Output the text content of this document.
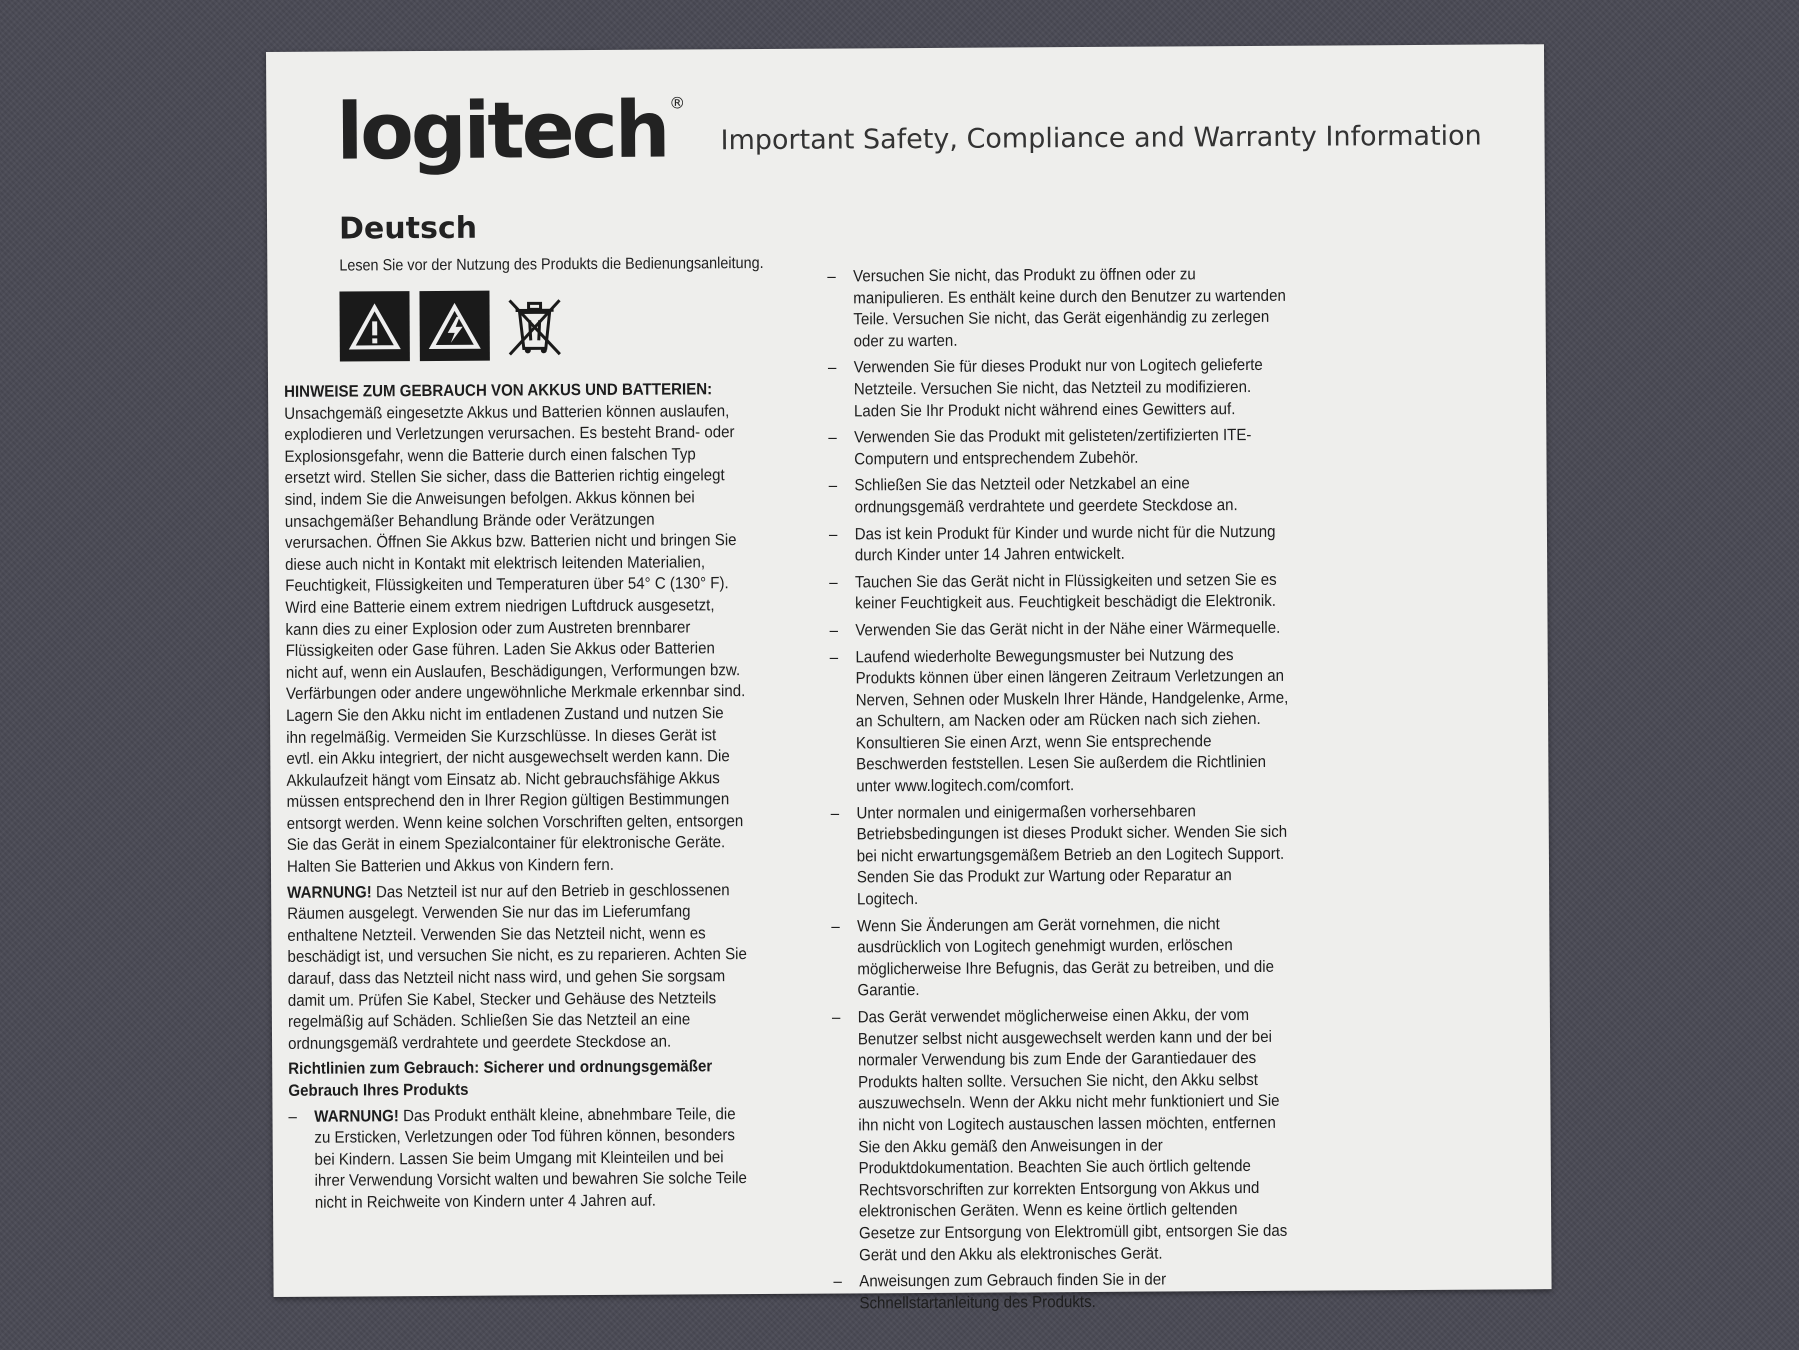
logitech®
Important Safety, Compliance and Warranty Information
Deutsch
Lesen Sie vor der Nutzung des Produkts die Bedienungsanleitung.

HINWEISE ZUM GEBRAUCH VON AKKUS UND BATTERIEN:

Unsachgemäß eingesetzte Akkus und Batterien können auslaufen, explodieren und Verletzungen verursachen. Es besteht Brand- oder Explosionsgefahr, wenn die Batterie durch einen falschen Typ ersetzt wird. Stellen Sie sicher, dass die Batterien richtig eingelegt sind, indem Sie die Anweisungen befolgen. Akkus können bei unsachgemäßer Behandlung Brände oder Verätzungen verursachen. Öffnen Sie Akkus bzw. Batterien nicht und bringen Sie diese auch nicht in Kontakt mit elektrisch leitenden Materialien, Feuchtigkeit, Flüssigkeiten und Temperaturen über 54° C (130° F). Wird eine Batterie einem extrem niedrigen Luftdruck ausgesetzt, kann dies zu einer Explosion oder zum Austreten brennbarer Flüssigkeiten oder Gase führen. Laden Sie Akkus oder Batterien nicht auf, wenn ein Auslaufen, Beschädigungen, Verformungen bzw. Verfärbungen oder andere ungewöhnliche Merkmale erkennbar sind. Lagern Sie den Akku nicht im entladenen Zustand und nutzen Sie ihn regelmäßig. Vermeiden Sie Kurzschlüsse. In dieses Gerät ist evtl. ein Akku integriert, der nicht ausgewechselt werden kann. Die Akkulaufzeit hängt vom Einsatz ab. Nicht gebrauchsfähige Akkus müssen entsprechend den in Ihrer Region gültigen Bestimmungen entsorgt werden. Wenn keine solchen Vorschriften gelten, entsorgen Sie das Gerät in einem Spezialcontainer für elektronische Geräte. Halten Sie Batterien und Akkus von Kindern fern.

WARNUNG! Das Netzteil ist nur auf den Betrieb in geschlossenen Räumen ausgelegt. Verwenden Sie nur das im Lieferumfang enthaltene Netzteil. Verwenden Sie das Netzteil nicht, wenn es beschädigt ist, und versuchen Sie nicht, es zu reparieren. Achten Sie darauf, dass das Netzteil nicht nass wird, und gehen Sie sorgsam damit um. Prüfen Sie Kabel, Stecker und Gehäuse des Netzteils regelmäßig auf Schäden. Schließen Sie das Netzteil an eine ordnungsgemäß verdrahtete und geerdete Steckdose an.

Richtlinien zum Gebrauch: Sicherer und ordnungsgemäßer Gebrauch Ihres Produkts

– WARNUNG! Das Produkt enthält kleine, abnehmbare Teile, die zu Ersticken, Verletzungen oder Tod führen können, besonders bei Kindern. Lassen Sie beim Umgang mit Kleinteilen und bei ihrer Verwendung Vorsicht walten und bewahren Sie solche Teile nicht in Reichweite von Kindern unter 4 Jahren auf.
– Versuchen Sie nicht, das Produkt zu öffnen oder zu manipulieren. Es enthält keine durch den Benutzer zu wartenden Teile. Versuchen Sie nicht, das Gerät eigenhändig zu zerlegen oder zu warten.
– Verwenden Sie für dieses Produkt nur von Logitech gelieferte Netzteile. Versuchen Sie nicht, das Netzteil zu modifizieren. Laden Sie Ihr Produkt nicht während eines Gewitters auf.
– Verwenden Sie das Produkt mit gelisteten/zertifizierten ITE-Computern und entsprechendem Zubehör.
– Schließen Sie das Netzteil oder Netzkabel an eine ordnungsgemäß verdrahtete und geerdete Steckdose an.
– Das ist kein Produkt für Kinder und wurde nicht für die Nutzung durch Kinder unter 14 Jahren entwickelt.
– Tauchen Sie das Gerät nicht in Flüssigkeiten und setzen Sie es keiner Feuchtigkeit aus. Feuchtigkeit beschädigt die Elektronik.
– Verwenden Sie das Gerät nicht in der Nähe einer Wärmequelle.
– Laufend wiederholte Bewegungsmuster bei Nutzung des Produkts können über einen längeren Zeitraum Verletzungen an Nerven, Sehnen oder Muskeln Ihrer Hände, Handgelenke, Arme, an Schultern, am Nacken oder am Rücken nach sich ziehen. Konsultieren Sie einen Arzt, wenn Sie entsprechende Beschwerden feststellen. Lesen Sie außerdem die Richtlinien unter www.logitech.com/comfort.
– Unter normalen und einigermaßen vorhersehbaren Betriebsbedingungen ist dieses Produkt sicher. Wenden Sie sich bei nicht erwartungsgemäßem Betrieb an den Logitech Support. Senden Sie das Produkt zur Wartung oder Reparatur an Logitech.
– Wenn Sie Änderungen am Gerät vornehmen, die nicht ausdrücklich von Logitech genehmigt wurden, erlöschen möglicherweise Ihre Befugnis, das Gerät zu betreiben, und die Garantie.
– Das Gerät verwendet möglicherweise einen Akku, der vom Benutzer selbst nicht ausgewechselt werden kann und der bei normaler Verwendung bis zum Ende der Garantiedauer des Produkts halten sollte. Versuchen Sie nicht, den Akku selbst auszuwechseln. Wenn der Akku nicht mehr funktioniert und Sie ihn nicht von Logitech austauschen lassen möchten, entfernen Sie den Akku gemäß den Anweisungen in der Produktdokumentation. Beachten Sie auch örtlich geltende Rechtsvorschriften zur korrekten Entsorgung von Akkus und elektronischen Geräten. Wenn es keine örtlich geltenden Gesetze zur Entsorgung von Elektromüll gibt, entsorgen Sie das Gerät und den Akku als elektronisches Gerät.
– Anweisungen zum Gebrauch finden Sie in der Schnellstartanleitung des Produkts.
